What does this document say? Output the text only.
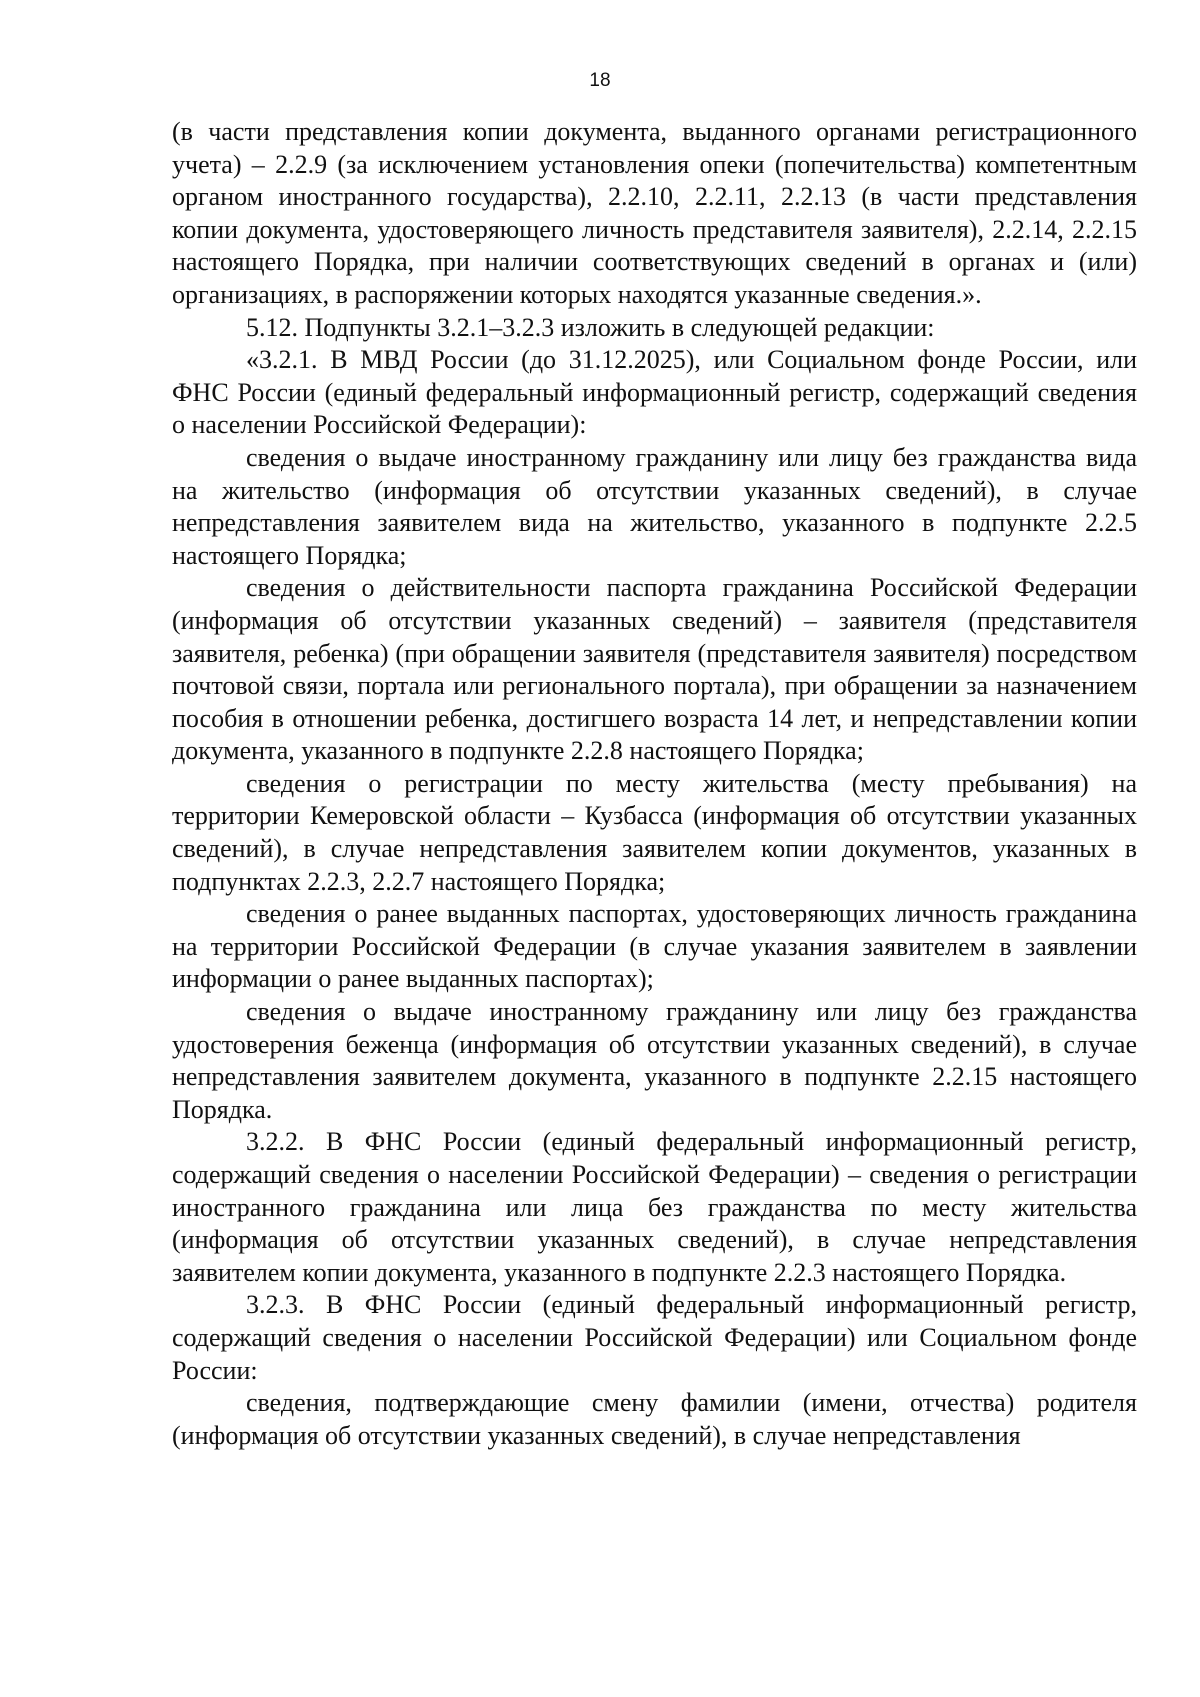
18

(в части представления копии документа, выданного органами регистрационного учета) – 2.2.9 (за исключением установления опеки (попечительства) компетентным органом иностранного государства), 2.2.10, 2.2.11, 2.2.13 (в части представления копии документа, удостоверяющего личность представителя заявителя), 2.2.14, 2.2.15 настоящего Порядка, при наличии соответствующих сведений в органах и (или) организациях, в распоряжении которых находятся указанные сведения.».

5.12. Подпункты 3.2.1–3.2.3 изложить в следующей редакции:

«3.2.1. В МВД России (до 31.12.2025), или Социальном фонде России, или ФНС России (единый федеральный информационный регистр, содержащий сведения о населении Российской Федерации):

сведения о выдаче иностранному гражданину или лицу без гражданства вида на жительство (информация об отсутствии указанных сведений), в случае непредставления заявителем вида на жительство, указанного в подпункте 2.2.5 настоящего Порядка;

сведения о действительности паспорта гражданина Российской Федерации (информация об отсутствии указанных сведений) – заявителя (представителя заявителя, ребенка) (при обращении заявителя (представителя заявителя) посредством почтовой связи, портала или регионального портала), при обращении за назначением пособия в отношении ребенка, достигшего возраста 14 лет, и непредставлении копии документа, указанного в подпункте 2.2.8 настоящего Порядка;

сведения о регистрации по месту жительства (месту пребывания) на территории Кемеровской области – Кузбасса (информация об отсутствии указанных сведений), в случае непредставления заявителем копии документов, указанных в подпунктах 2.2.3, 2.2.7 настоящего Порядка;

сведения о ранее выданных паспортах, удостоверяющих личность гражданина на территории Российской Федерации (в случае указания заявителем в заявлении информации о ранее выданных паспортах);

сведения о выдаче иностранному гражданину или лицу без гражданства удостоверения беженца (информация об отсутствии указанных сведений), в случае непредставления заявителем документа, указанного в подпункте 2.2.15 настоящего Порядка.

3.2.2. В ФНС России (единый федеральный информационный регистр, содержащий сведения о населении Российской Федерации) – сведения о регистрации иностранного гражданина или лица без гражданства по месту жительства (информация об отсутствии указанных сведений), в случае непредставления заявителем копии документа, указанного в подпункте 2.2.3 настоящего Порядка.

3.2.3. В ФНС России (единый федеральный информационный регистр, содержащий сведения о населении Российской Федерации) или Социальном фонде России:

сведения, подтверждающие смену фамилии (имени, отчества) родителя (информация об отсутствии указанных сведений), в случае непредставления
